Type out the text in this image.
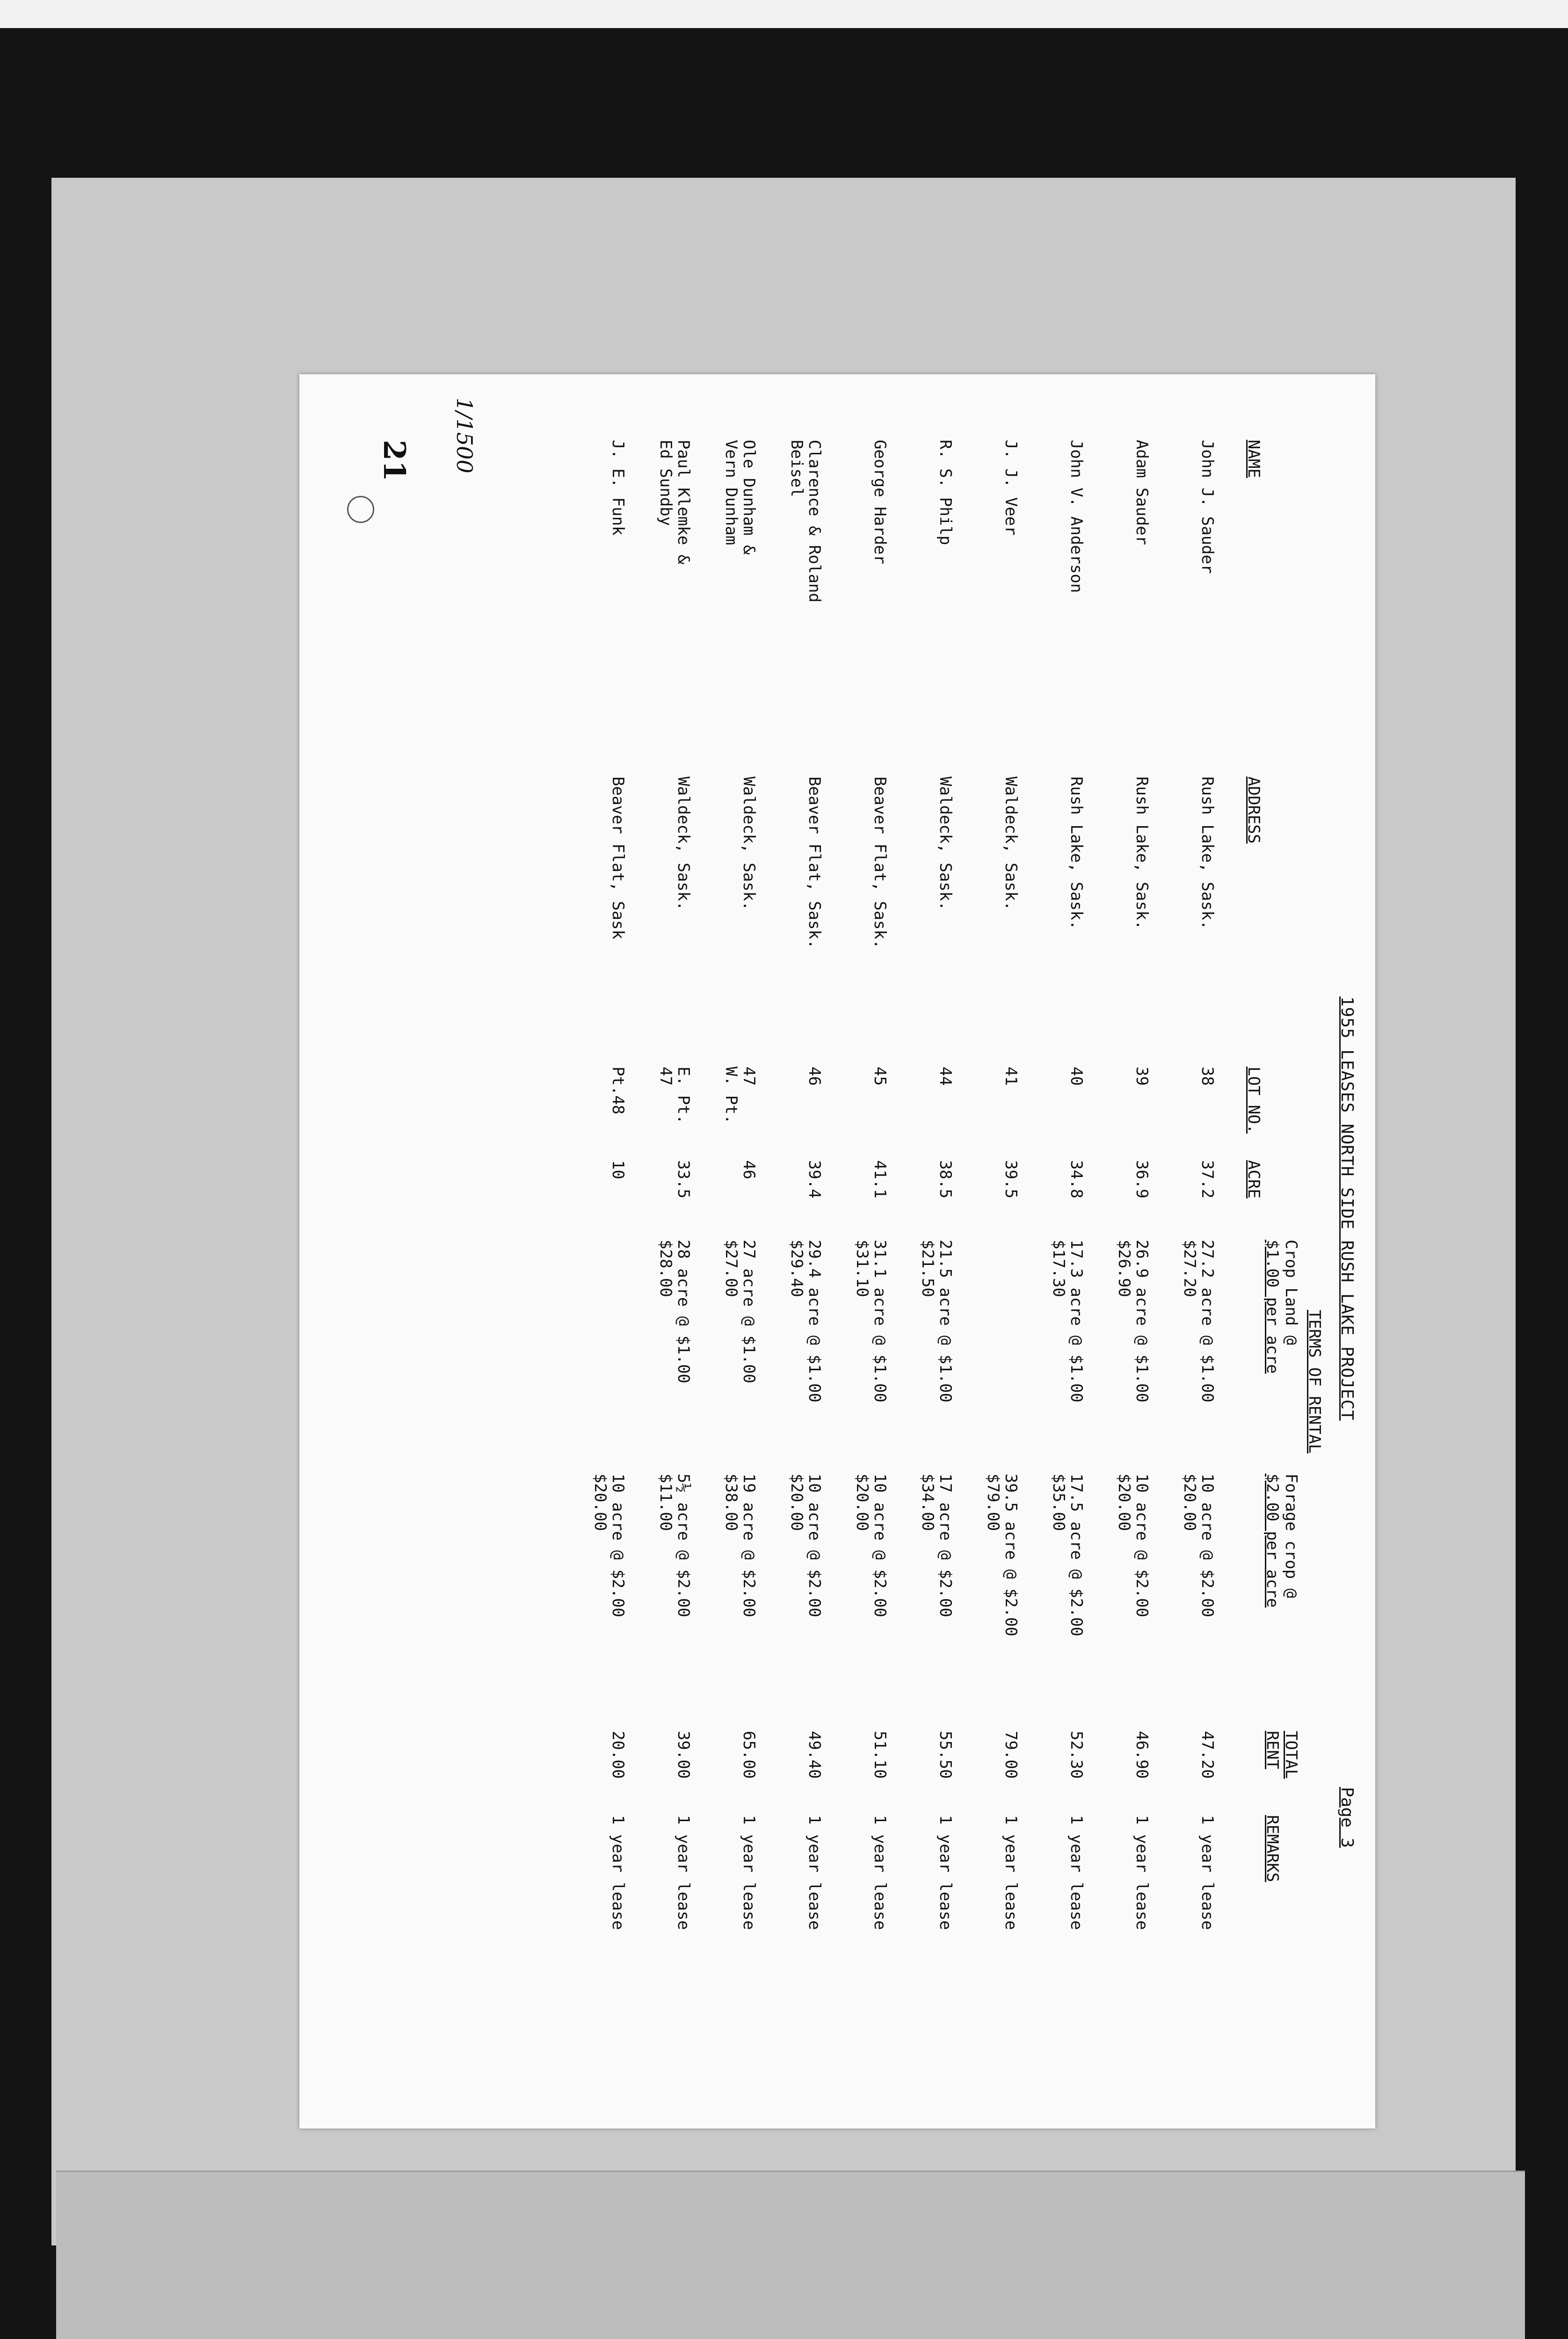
1/1500
21
1955 LEASES NORTH SIDE RUSH LAKE PROJECT
Page 3
TERMS OF RENTAL
NAME
ADDRESS
LOT NO.
ACRE
Crop Land @
$1.00 per acre
Forage crop @
$2.00 per acre
TOTAL
RENT
REMARKS
John J. Sauder
Rush Lake, Sask.
38
37.2
27.2 acre @ $1.00
$27.20
10 acre @ $2.00
$20.00
47.20
1 year lease
Adam Sauder
Rush Lake, Sask.
39
36.9
26.9 acre @ $1.00
$26.90
10 acre @ $2.00
$20.00
46.90
1 year lease
John V. Anderson
Rush Lake, Sask.
40
34.8
17.3 acre @ $1.00
$17.30
17.5 acre @ $2.00
$35.00
52.30
1 year lease
J. J. Veer
Waldeck, Sask.
41
39.5
39.5 acre @ $2.00
$79.00
79.00
1 year lease
R. S. Philp
Waldeck, Sask.
44
38.5
21.5 acre @ $1.00
$21.50
17 acre @ $2.00
$34.00
55.50
1 year lease
George Harder
Beaver Flat, Sask.
45
41.1
31.1 acre @ $1.00
$31.10
10 acre @ $2.00
$20.00
51.10
1 year lease
Clarence & Roland
Beisel
Beaver Flat, Sask.
46
39.4
29.4 acre @ $1.00
$29.40
10 acre @ $2.00
$20.00
49.40
1 year lease
Ole Dunham &
Vern Dunham
Waldeck, Sask.
47
W. Pt.
46
27 acre @ $1.00
$27.00
19 acre @ $2.00
$38.00
65.00
1 year lease
Paul Klemke &
Ed Sundby
Waldeck, Sask.
E. Pt.
47
33.5
28 acre @ $1.00
$28.00
5½ acre @ $2.00
$11.00
39.00
1 year lease
J. E. Funk
Beaver Flat, Sask
Pt.48
10
10 acre @ $2.00
$20.00
20.00
1 year lease
